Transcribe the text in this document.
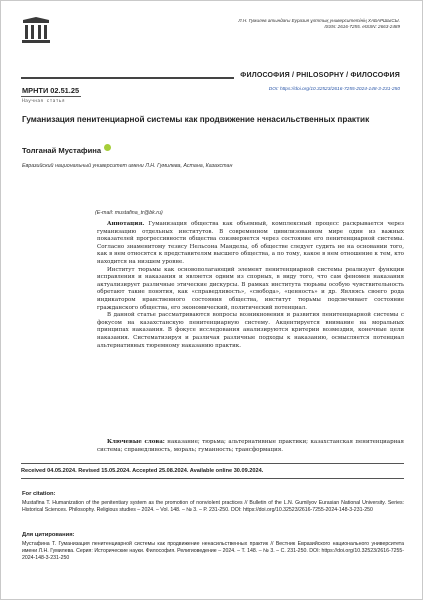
Л.Н. Гумилев атындағы Еуразия ұлттық университетінің ХАБАРШЫСЫ.
ISSN: 2616-7255. eISSN: 2663-2489
ФИЛОСОФИЯ / PHILOSOPHY / ФИЛОСОФИЯ
МРНТИ 02.51.25
Научная статья
DOI: https://doi.org/10.32523/2616-7255-2024-148-3-231-250
Гуманизация пенитенциарной системы как продвижение ненасильственных практик
Толганай Мустафина
Евразийский национальный университет имени Л.Н. Гумилева, Астана, Казахстан
(E-mail: mustafina_tr@bk.ru)

Аннотация. Гуманизация общества как объемный, комплексный процесс раскрывается через гуманизацию отдельных институтов. В современном цивилизованном мире один из важных показателей прогрессивности общества соизмеряется через состояние его пенитенциарной системы. Согласно знаменитому тезису Нельсона Манделы, об обществе следует судить не на основании того, как в нем относятся к представителям высшего общества, а по тому, какое в нем отношение к тем, кто находится на низшем уровне.

Институт тюрьмы как основополагающий элемент пенитенциарной системы реализует функции исправления и наказания и является одним из спорных, в виду того, что сам феномен наказания актуализирует различные этические дискурсы. В рамках института тюрьмы особую чувствительность обретают такие понятия, как «справедливость», «свобода», «ценность» и др. Являясь своего рода индикатором нравственного состояния общества, институт тюрьмы подсвечивает состояние гражданского общества, его экономический, политический потенциал.

В данной статье рассматриваются вопросы возникновения и развития пенитенциарной системы с фокусом на казахстанскую пенитенциарную систему. Акцентируется внимание на моральных принципах наказания. В фокусе исследования анализируются критерии возмездия, конечные цели наказания. Систематизируя и различая различные подходы к наказанию, осмысляется потенциал альтернативных тюремному наказанию практик.

Ключевые слова: наказание; тюрьма; альтернативные практики; казахстанская пенитенциарная система; справедливость, мораль; гуманность; трансформация.
Received 04.05.2024. Revised 15.05.2024. Accepted 25.08.2024. Available online 30.09.2024.
For citation:
Mustafina T. Humanization of the penitentiary system as the promotion of nonviolent practices // Bulletin of the L.N. Gumilyov Eurasian National University. Series: Historical Sciences. Philosophy. Religious studies – 2024. – Vol. 148. – № 3. – P. 231-250. DOI: https://doi.org/10.32523/2616-7255-2024-148-3-231-250
Для цитирования:
Мустафина Т. Гуманизация пенитенциарной системы как продвижение ненасильственных практик // Вестник Евразийского национального университета имени Л.Н. Гумилева. Серия: Исторические науки. Философия. Религиоведение – 2024. – Т. 148. – № 3. – С. 231-250. DOI: https://doi.org/10.32523/2616-7255-2024-148-3-231-250
